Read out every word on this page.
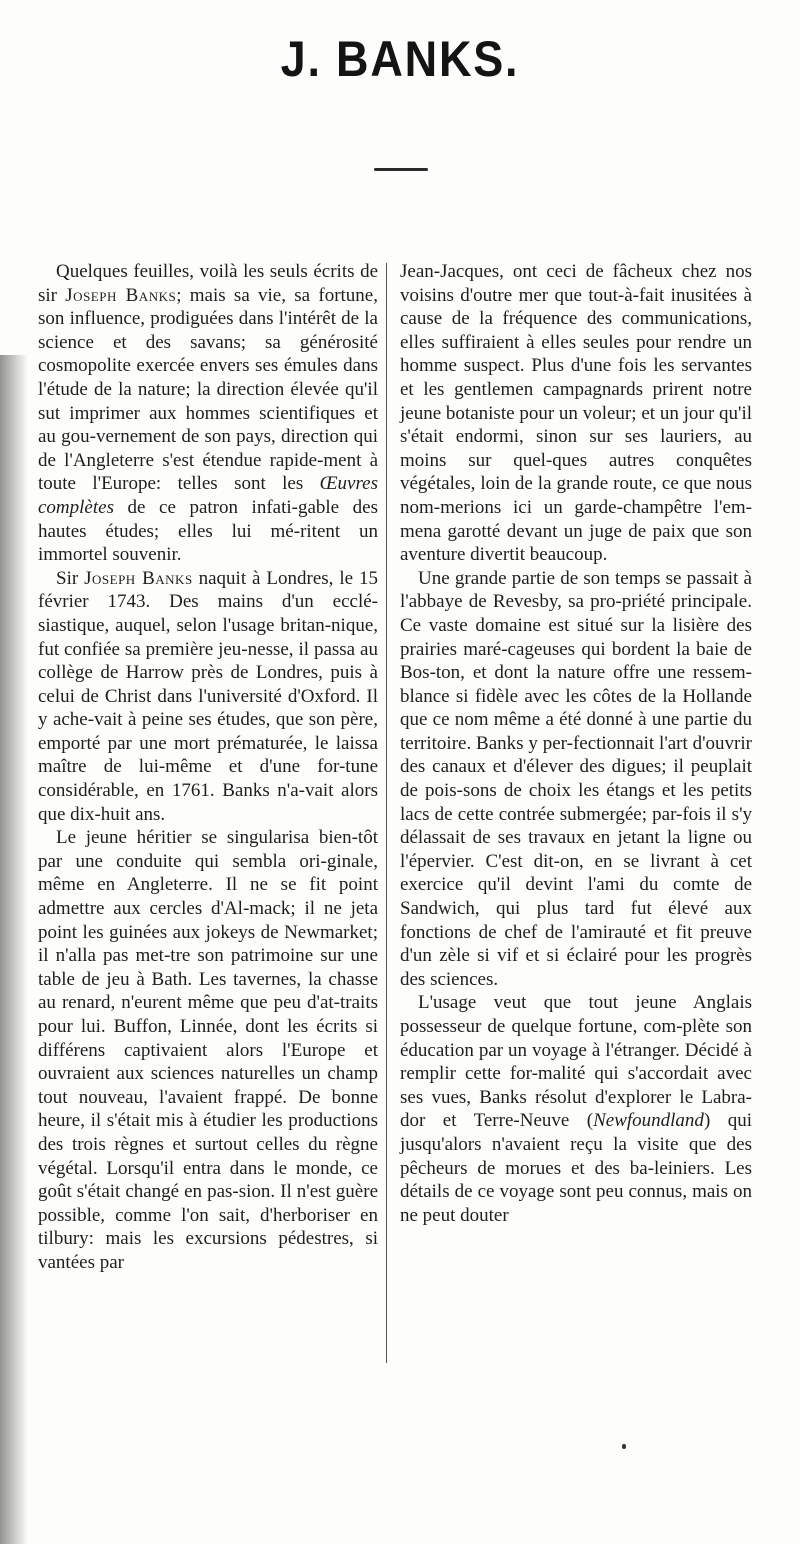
J. BANKS.

Quelques feuilles, voilà les seuls écrits de sir Joseph Banks; mais sa vie, sa fortune, son influence, prodiguées dans l'intérêt de la science et des savans; sa générosité cosmopolite exercée envers ses émules dans l'étude de la nature; la direction élevée qu'il sut imprimer aux hommes scientifiques et au gou-vernement de son pays, direction qui de l'Angleterre s'est étendue rapide-ment à toute l'Europe: telles sont les Œuvres complètes de ce patron infati-gable des hautes études; elles lui mé-ritent un immortel souvenir.

Sir Joseph Banks naquit à Londres, le 15 février 1743. Des mains d'un ecclé-siastique, auquel, selon l'usage britan-nique, fut confiée sa première jeu-nesse, il passa au collège de Harrow près de Londres, puis à celui de Christ dans l'université d'Oxford. Il y ache-vait à peine ses études, que son père, emporté par une mort prématurée, le laissa maître de lui-même et d'une for-tune considérable, en 1761. Banks n'a-vait alors que dix-huit ans.

Le jeune héritier se singularisa bien-tôt par une conduite qui sembla ori-ginale, même en Angleterre. Il ne se fit point admettre aux cercles d'Al-mack; il ne jeta point les guinées aux jokeys de Newmarket; il n'alla pas met-tre son patrimoine sur une table de jeu à Bath. Les tavernes, la chasse au renard, n'eurent même que peu d'at-traits pour lui. Buffon, Linnée, dont les écrits si différens captivaient alors l'Europe et ouvraient aux sciences naturelles un champ tout nouveau, l'avaient frappé. De bonne heure, il s'était mis à étudier les productions des trois règnes et surtout celles du règne végétal. Lorsqu'il entra dans le monde, ce goût s'était changé en pas-sion. Il n'est guère possible, comme l'on sait, d'herboriser en tilbury: mais les excursions pédestres, si vantées par

Jean-Jacques, ont ceci de fâcheux chez nos voisins d'outre mer que tout-à-fait inusitées à cause de la fréquence des communications, elles suffiraient à elles seules pour rendre un homme suspect. Plus d'une fois les servantes et les gentlemen campagnards prirent notre jeune botaniste pour un voleur; et un jour qu'il s'était endormi, sinon sur ses lauriers, au moins sur quel-ques autres conquêtes végétales, loin de la grande route, ce que nous nom-merions ici un garde-champêtre l'em-mena garotté devant un juge de paix que son aventure divertit beaucoup.

Une grande partie de son temps se passait à l'abbaye de Revesby, sa pro-priété principale. Ce vaste domaine est situé sur la lisière des prairies maré-cageuses qui bordent la baie de Bos-ton, et dont la nature offre une ressem-blance si fidèle avec les côtes de la Hollande que ce nom même a été donné à une partie du territoire. Banks y per-fectionnait l'art d'ouvrir des canaux et d'élever des digues; il peuplait de pois-sons de choix les étangs et les petits lacs de cette contrée submergée; par-fois il s'y délassait de ses travaux en jetant la ligne ou l'épervier. C'est dit-on, en se livrant à cet exercice qu'il devint l'ami du comte de Sandwich, qui plus tard fut élevé aux fonctions de chef de l'amirauté et fit preuve d'un zèle si vif et si éclairé pour les progrès des sciences.

L'usage veut que tout jeune Anglais possesseur de quelque fortune, com-plète son éducation par un voyage à l'étranger. Décidé à remplir cette for-malité qui s'accordait avec ses vues, Banks résolut d'explorer le Labra-dor et Terre-Neuve (Newfoundland) qui jusqu'alors n'avaient reçu la visite que des pêcheurs de morues et des ba-leiniers. Les détails de ce voyage sont peu connus, mais on ne peut douter
